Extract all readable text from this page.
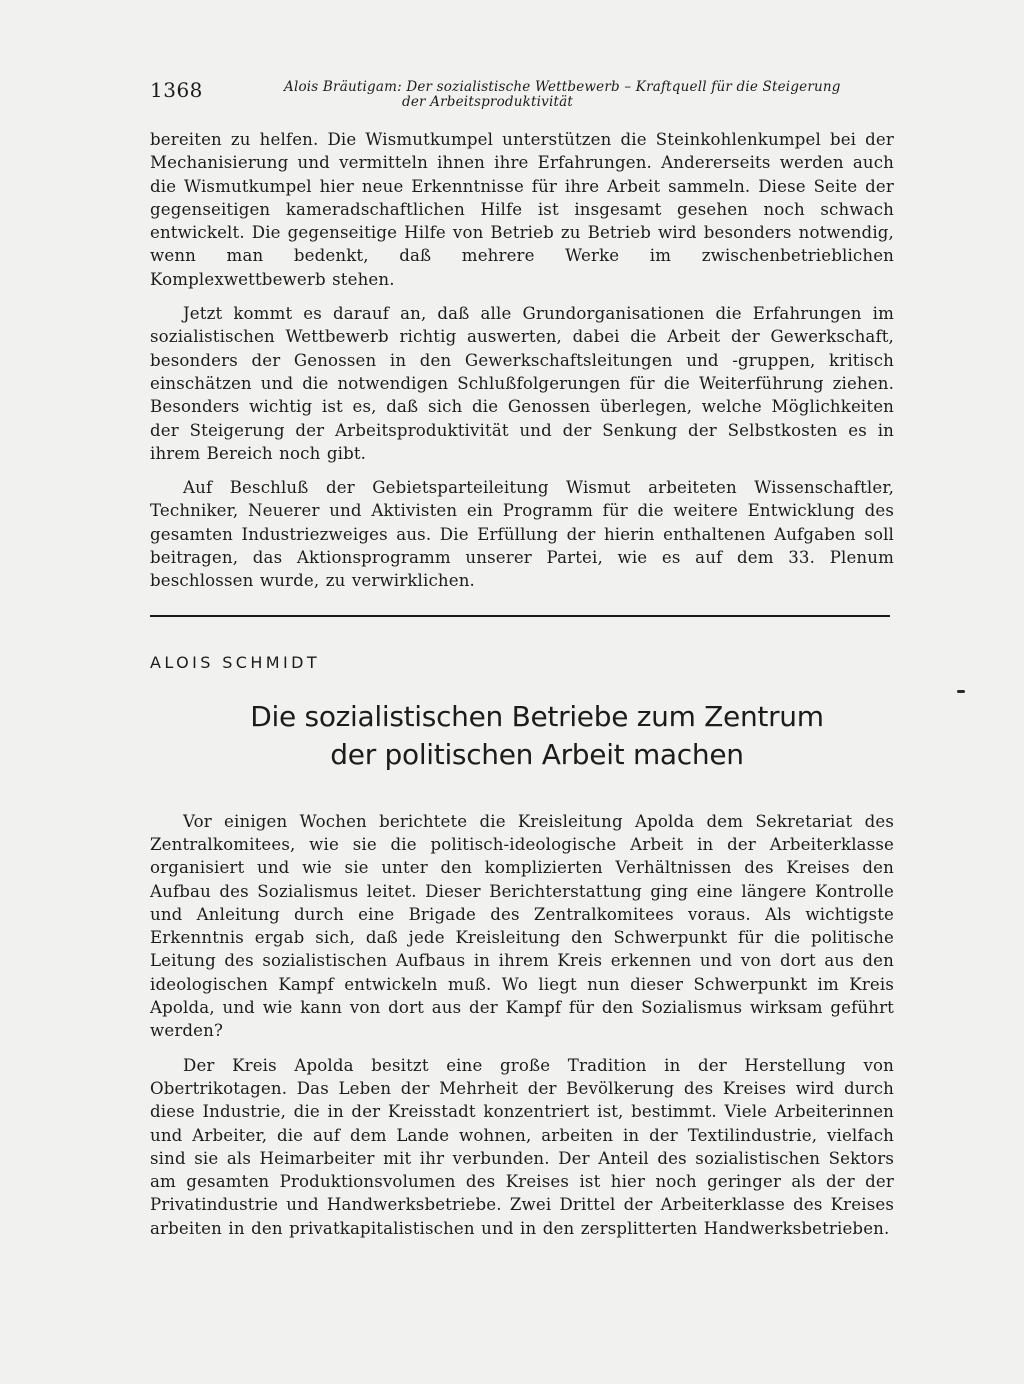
1368	Alois Bräutigam: Der sozialistische Wettbewerb – Kraftquell für die Steigerung
der Arbeitsproduktivität

bereiten zu helfen. Die Wismutkumpel unterstützen die Steinkohlenkumpel bei der Mechanisierung und vermitteln ihnen ihre Erfahrungen. Andererseits werden auch die Wismutkumpel hier neue Erkenntnisse für ihre Arbeit sammeln. Diese Seite der gegenseitigen kameradschaftlichen Hilfe ist insgesamt gesehen noch schwach entwickelt. Die gegenseitige Hilfe von Betrieb zu Betrieb wird besonders notwendig, wenn man bedenkt, daß mehrere Werke im zwischenbetrieblichen Komplexwettbewerb stehen.

Jetzt kommt es darauf an, daß alle Grundorganisationen die Erfahrungen im sozialistischen Wettbewerb richtig auswerten, dabei die Arbeit der Gewerkschaft, besonders der Genossen in den Gewerkschaftsleitungen und -gruppen, kritisch einschätzen und die notwendigen Schlußfolgerungen für die Weiterführung ziehen. Besonders wichtig ist es, daß sich die Genossen überlegen, welche Möglichkeiten der Steigerung der Arbeitsproduktivität und der Senkung der Selbstkosten es in ihrem Bereich noch gibt.

Auf Beschluß der Gebietsparteileitung Wismut arbeiteten Wissenschaftler, Techniker, Neuerer und Aktivisten ein Programm für die weitere Entwicklung des gesamten Industriezweiges aus. Die Erfüllung der hierin enthaltenen Aufgaben soll beitragen, das Aktionsprogramm unserer Partei, wie es auf dem 33. Plenum beschlossen wurde, zu verwirklichen.

ALOIS SCHMIDT
Die sozialistischen Betriebe zum Zentrum
der politischen Arbeit machen

Vor einigen Wochen berichtete die Kreisleitung Apolda dem Sekretariat des Zentralkomitees, wie sie die politisch-ideologische Arbeit in der Arbeiterklasse organisiert und wie sie unter den komplizierten Verhältnissen des Kreises den Aufbau des Sozialismus leitet. Dieser Berichterstattung ging eine längere Kontrolle und Anleitung durch eine Brigade des Zentralkomitees voraus. Als wichtigste Erkenntnis ergab sich, daß jede Kreisleitung den Schwerpunkt für die politische Leitung des sozialistischen Aufbaus in ihrem Kreis erkennen und von dort aus den ideologischen Kampf entwickeln muß. Wo liegt nun dieser Schwerpunkt im Kreis Apolda, und wie kann von dort aus der Kampf für den Sozialismus wirksam geführt werden?

Der Kreis Apolda besitzt eine große Tradition in der Herstellung von Obertrikotagen. Das Leben der Mehrheit der Bevölkerung des Kreises wird durch diese Industrie, die in der Kreisstadt konzentriert ist, bestimmt. Viele Arbeiterinnen und Arbeiter, die auf dem Lande wohnen, arbeiten in der Textilindustrie, vielfach sind sie als Heimarbeiter mit ihr verbunden. Der Anteil des sozialistischen Sektors am gesamten Produktionsvolumen des Kreises ist hier noch geringer als der der Privatindustrie und Handwerksbetriebe. Zwei Drittel der Arbeiterklasse des Kreises arbeiten in den privatkapitalistischen und in den zersplitterten Handwerksbetrieben.
